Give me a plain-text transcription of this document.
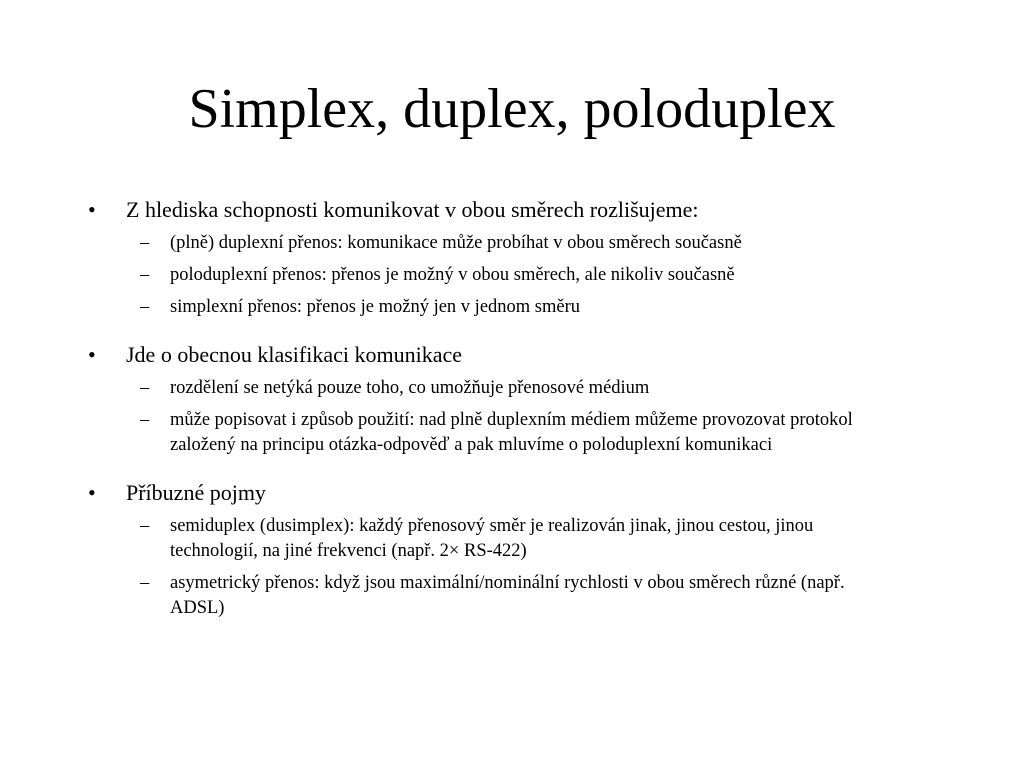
Simplex, duplex, poloduplex
•	Z hlediska schopnosti komunikovat v obou směrech rozlišujeme:
–	(plně) duplexní přenos: komunikace může probíhat v obou směrech současně
–	poloduplexní přenos: přenos je možný v obou směrech, ale nikoliv současně
–	simplexní přenos: přenos je možný jen v jednom směru
•	Jde o obecnou klasifikaci komunikace
–	rozdělení se netýká pouze toho, co umožňuje přenosové médium
–	může popisovat i způsob použití: nad plně duplexním médiem můžeme provozovat protokol založený na principu otázka-odpověď a pak mluvíme o poloduplexní komunikaci
•	Příbuzné pojmy
–	semiduplex (dusimplex): každý přenosový směr je realizován jinak, jinou cestou, jinou technologií, na jiné frekvenci (např. 2× RS-422)
–	asymetrický přenos: když jsou maximální/nominální rychlosti v obou směrech různé (např. ADSL)
